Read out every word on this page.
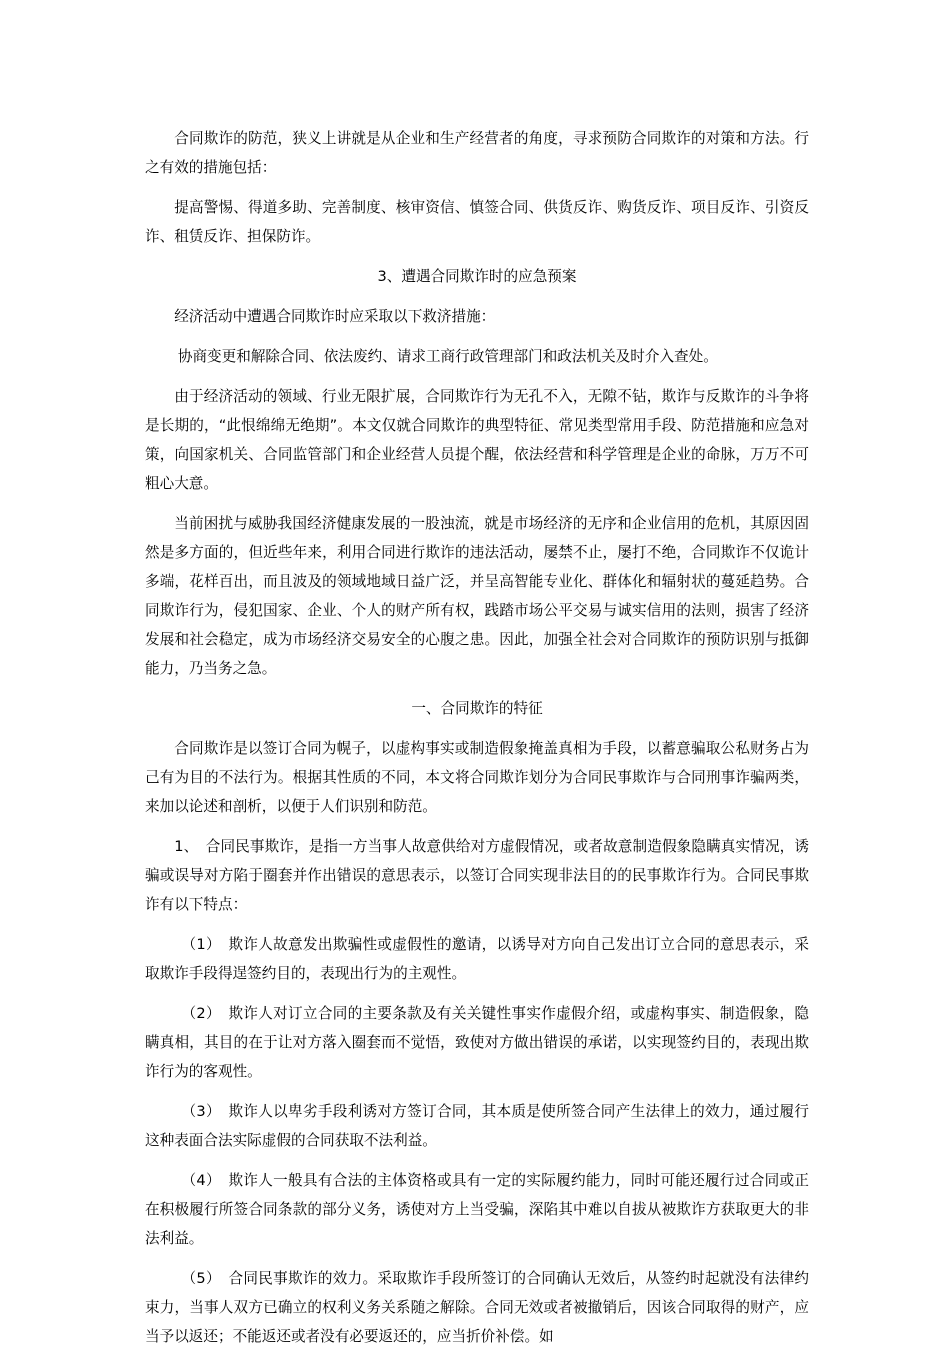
合同欺诈的防范，狭义上讲就是从企业和生产经营者的角度，寻求预防合同欺诈的对策和方法。行之有效的措施包括：

提高警惕、得道多助、完善制度、核审资信、慎签合同、供货反诈、购货反诈、项目反诈、引资反诈、租赁反诈、担保防诈。

3、遭遇合同欺诈时的应急预案

经济活动中遭遇合同欺诈时应采取以下救济措施：

协商变更和解除合同、依法废约、请求工商行政管理部门和政法机关及时介入查处。

由于经济活动的领域、行业无限扩展，合同欺诈行为无孔不入，无隙不钻，欺诈与反欺诈的斗争将是长期的，“此恨绵绵无绝期”。本文仅就合同欺诈的典型特征、常见类型常用手段、防范措施和应急对策，向国家机关、合同监管部门和企业经营人员提个醒，依法经营和科学管理是企业的命脉，万万不可粗心大意。

当前困扰与威胁我国经济健康发展的一股浊流，就是市场经济的无序和企业信用的危机，其原因固然是多方面的，但近些年来，利用合同进行欺诈的违法活动，屡禁不止，屡打不绝，合同欺诈不仅诡计多端，花样百出，而且波及的领域地域日益广泛，并呈高智能专业化、群体化和辐射状的蔓延趋势。合同欺诈行为，侵犯国家、企业、个人的财产所有权，践踏市场公平交易与诚实信用的法则，损害了经济发展和社会稳定，成为市场经济交易安全的心腹之患。因此，加强全社会对合同欺诈的预防识别与抵御能力，乃当务之急。

一、合同欺诈的特征

合同欺诈是以签订合同为幌子，以虚构事实或制造假象掩盖真相为手段，以蓄意骗取公私财务占为己有为目的不法行为。根据其性质的不同，本文将合同欺诈划分为合同民事欺诈与合同刑事诈骗两类，来加以论述和剖析，以便于人们识别和防范。

1、　合同民事欺诈，是指一方当事人故意供给对方虚假情况，或者故意制造假象隐瞒真实情况，诱骗或误导对方陷于圈套并作出错误的意思表示，以签订合同实现非法目的的民事欺诈行为。合同民事欺诈有以下特点：

（1）　欺诈人故意发出欺骗性或虚假性的邀请，以诱导对方向自己发出订立合同的意思表示，采取欺诈手段得逞签约目的，表现出行为的主观性。

（2）　欺诈人对订立合同的主要条款及有关关键性事实作虚假介绍，或虚构事实、制造假象，隐瞒真相，其目的在于让对方落入圈套而不觉悟，致使对方做出错误的承诺，以实现签约目的，表现出欺诈行为的客观性。

（3）　欺诈人以卑劣手段利诱对方签订合同，其本质是使所签合同产生法律上的效力，通过履行这种表面合法实际虚假的合同获取不法利益。

（4）　欺诈人一般具有合法的主体资格或具有一定的实际履约能力，同时可能还履行过合同或正在积极履行所签合同条款的部分义务，诱使对方上当受骗，深陷其中难以自拔从被欺诈方获取更大的非法利益。

（5）　合同民事欺诈的效力。采取欺诈手段所签订的合同确认无效后，从签约时起就没有法律约束力，当事人双方已确立的权利义务关系随之解除。合同无效或者被撤销后，因该合同取得的财产，应当予以返还；不能返还或者没有必要返还的，应当折价补偿。如
